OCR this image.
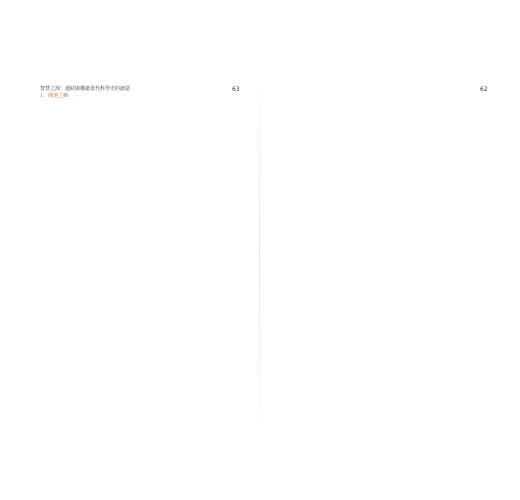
智慧之海：連結與構築當代科學史的創造
1　開港之嶼
63	62
